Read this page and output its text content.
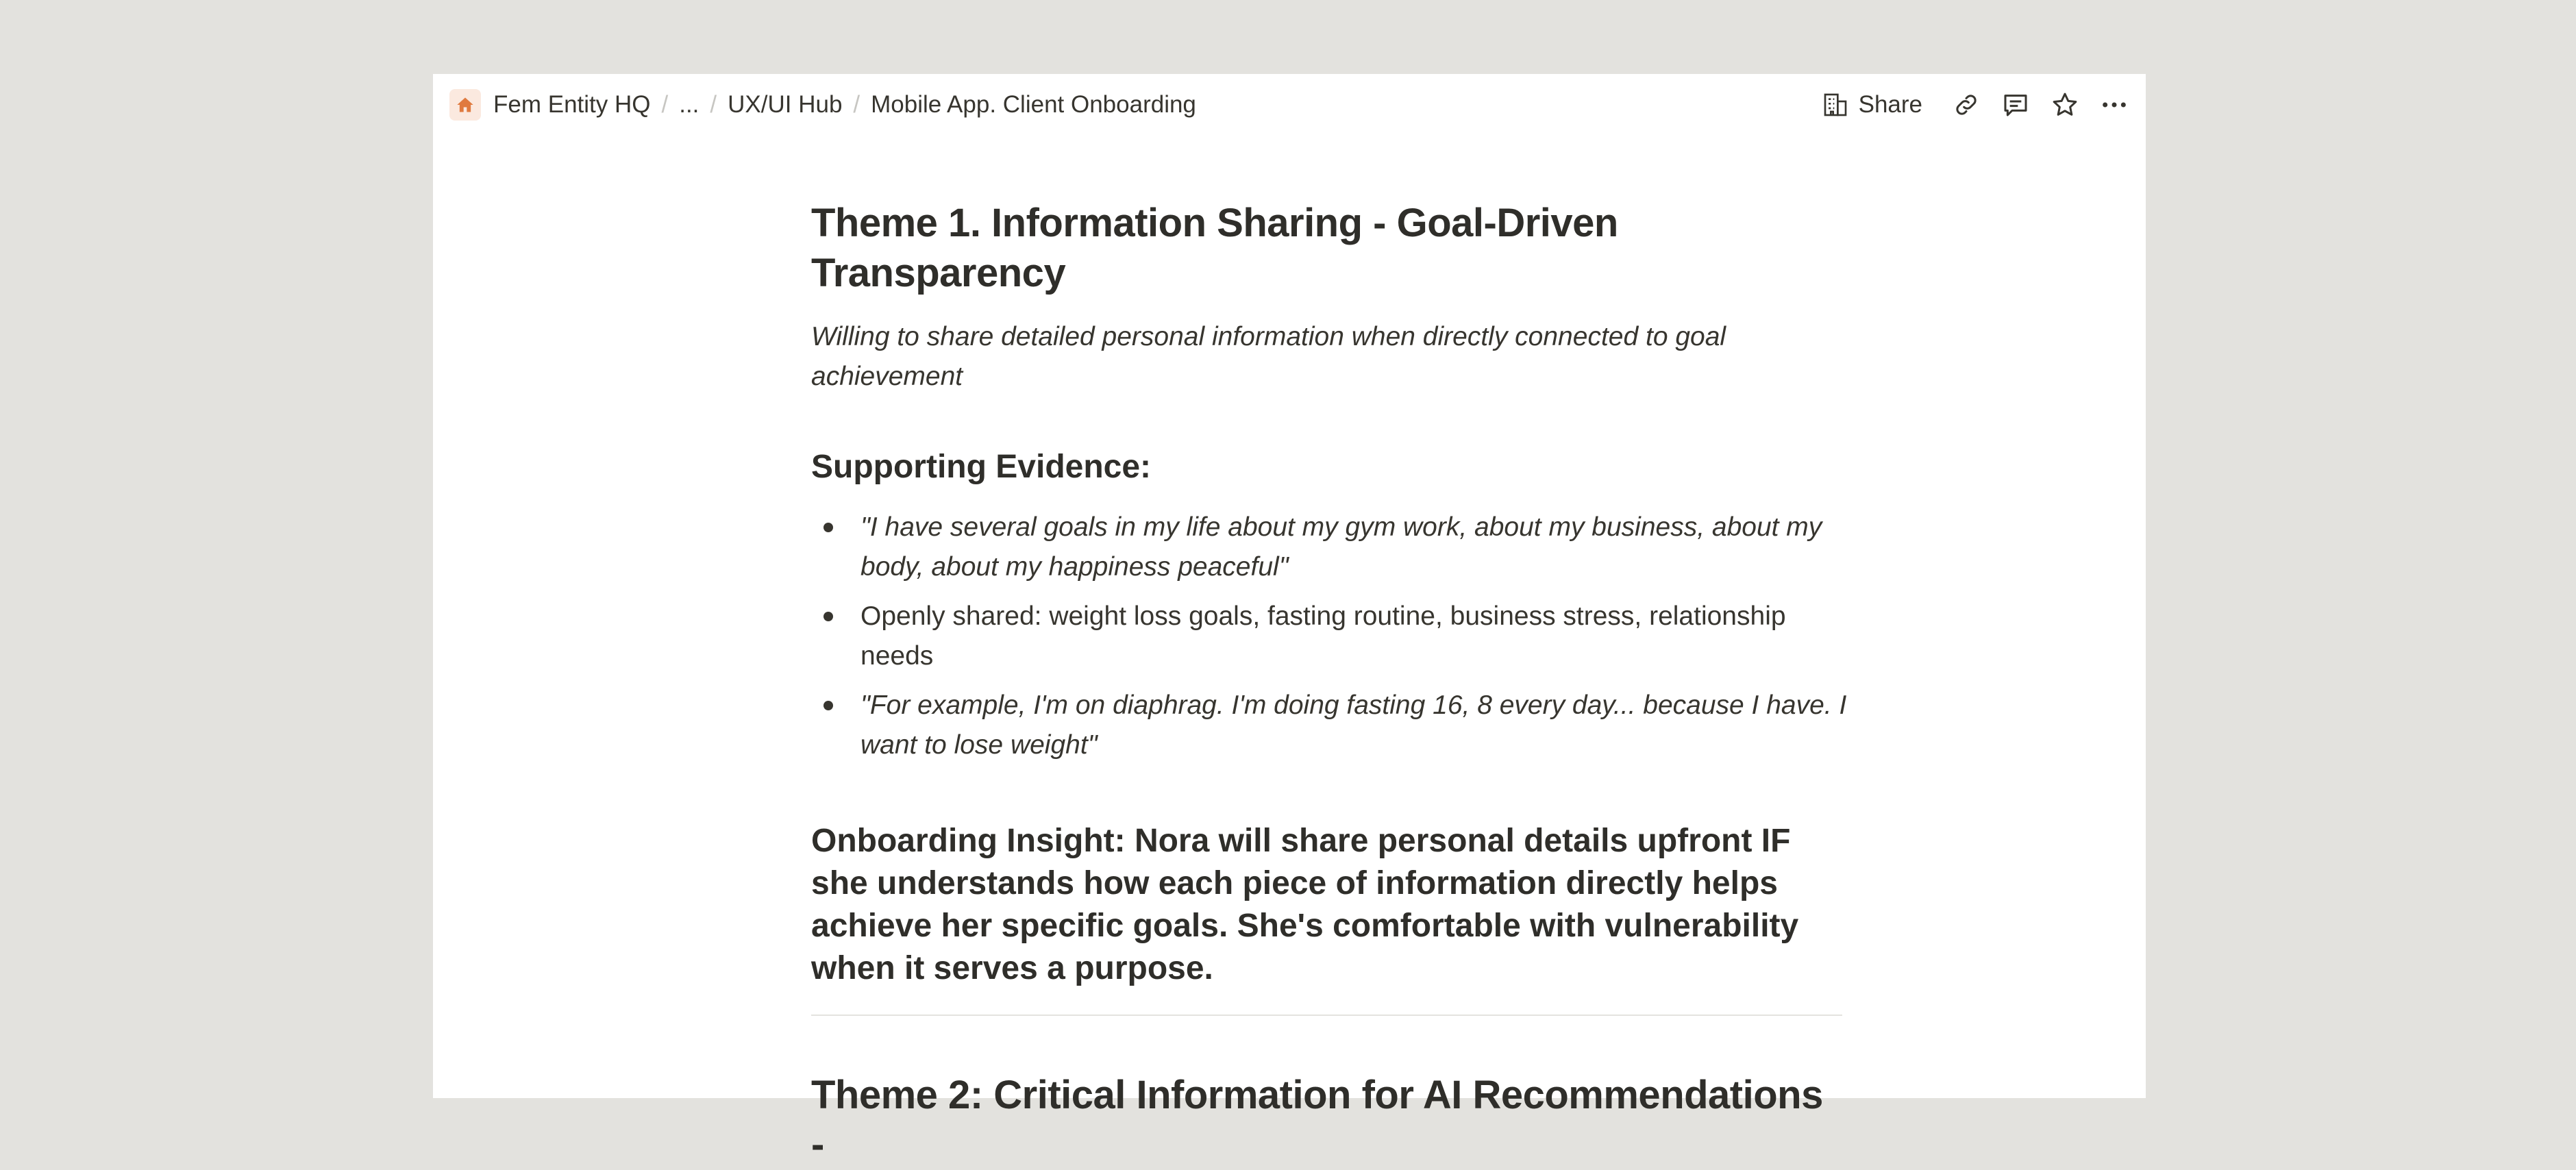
Fem Entity HQ / ... / UX/UI Hub / Mobile App. Client Onboarding	Share
Theme 1. Information Sharing - Goal-Driven Transparency

Willing to share detailed personal information when directly connected to goal achievement

Supporting Evidence:
"I have several goals in my life about my gym work, about my business, about my body, about my happiness peaceful"
Openly shared: weight loss goals, fasting routine, business stress, relationship needs
"For example, I'm on diaphrag. I'm doing fasting 16, 8 every day... because I have. I want to lose weight"
Onboarding Insight: Nora will share personal details upfront IF she understands how each piece of information directly helps achieve her specific goals. She's comfortable with vulnerability when it serves a purpose.
Theme 2: Critical Information for AI Recommendations -
